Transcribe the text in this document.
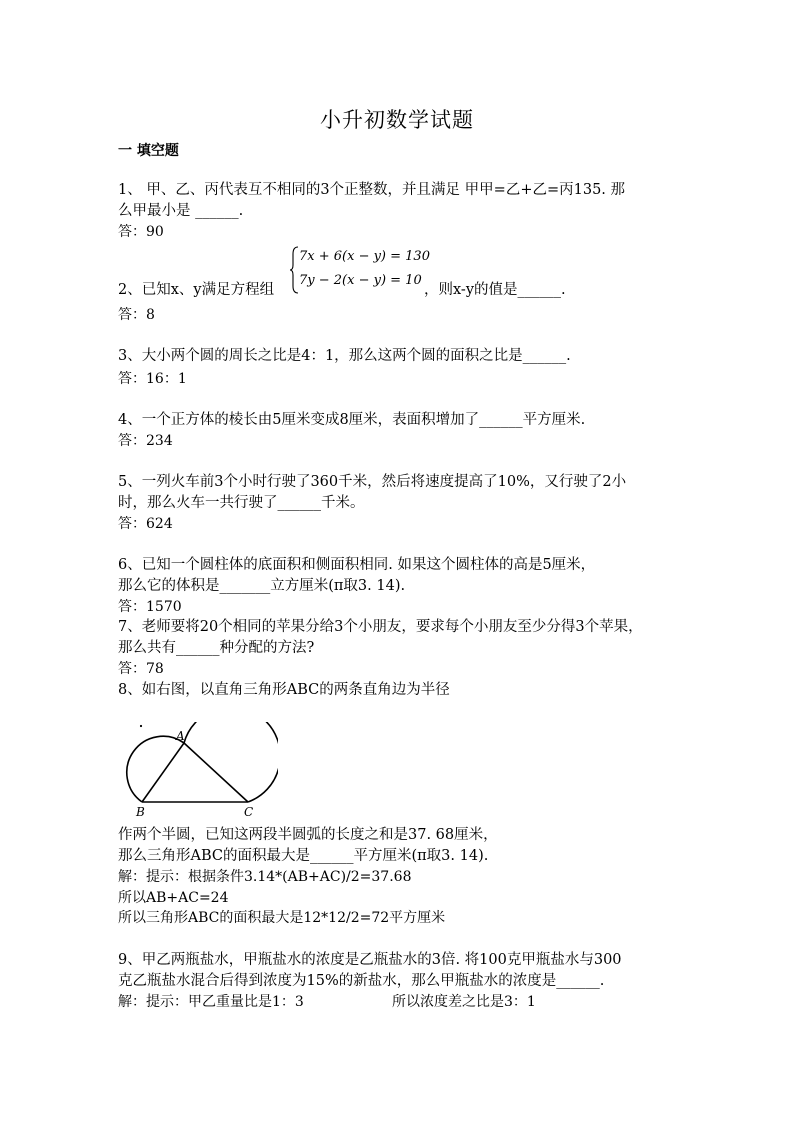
小升初数学试题
一 填空题
1、 甲、乙、丙代表互不相同的3个正整数，并且满足 甲甲=乙+乙=丙135. 那
么甲最小是 ______.
答：90
7x + 6(x − y) = 130
7y − 2(x − y) = 10
2、已知x、y满足方程组	，则x-y的值是______.
答：8
3、大小两个圆的周长之比是4：1，那么这两个圆的面积之比是______.
答：16：1
4、一个正方体的棱长由5厘米变成8厘米，表面积增加了______平方厘米.
答：234
5、一列火车前3个小时行驶了360千米，然后将速度提高了10%，又行驶了2小
时，那么火车一共行驶了______千米。
答：624
6、已知一个圆柱体的底面积和侧面积相同. 如果这个圆柱体的高是5厘米，
那么它的体积是_______立方厘米(π取3. 14).
答：1570
7、老师要将20个相同的苹果分给3个小朋友，要求每个小朋友至少分得3个苹果，
那么共有______种分配的方法?
答：78
8、如右图，以直角三角形ABC的两条直角边为半径
A
B	C
作两个半圆，已知这两段半圆弧的长度之和是37. 68厘米，
那么三角形ABC的面积最大是______平方厘米(π取3. 14).
解：提示：根据条件3.14*(AB+AC)/2=37.68
所以AB+AC=24
所以三角形ABC的面积最大是12*12/2=72平方厘米
9、甲乙两瓶盐水，甲瓶盐水的浓度是乙瓶盐水的3倍. 将100克甲瓶盐水与300
克乙瓶盐水混合后得到浓度为15%的新盐水，那么甲瓶盐水的浓度是______.
解：提示：甲乙重量比是1：3	所以浓度差之比是3：1
